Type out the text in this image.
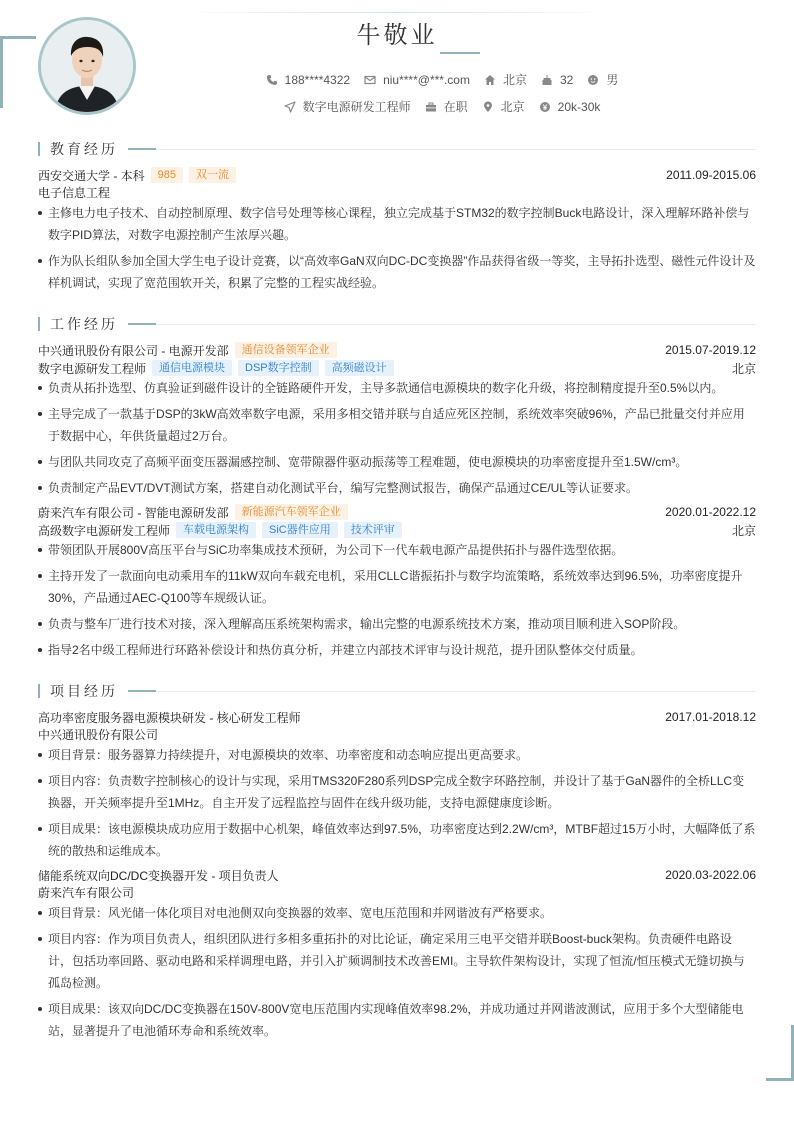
牛敬业
188****4322	niu****@***.com	北京	32	男
数字电源研发工程师	在职	北京	20k-30k
教育经历
西安交通大学 - 本科	985	双一流	2011.09-2015.06
电子信息工程
主修电力电子技术、自动控制原理、数字信号处理等核心课程，独立完成基于STM32的数字控制Buck电路设计，深入理解环路补偿与数字PID算法，对数字电源控制产生浓厚兴趣。
作为队长组队参加全国大学生电子设计竞赛，以“高效率GaN双向DC-DC变换器”作品获得省级一等奖，主导拓扑选型、磁性元件设计及样机调试，实现了宽范围软开关，积累了完整的工程实战经验。
工作经历
中兴通讯股份有限公司 - 电源开发部	通信设备领军企业	2015.07-2019.12
数字电源研发工程师	通信电源模块	DSP数字控制	高频磁设计	北京
负责从拓扑选型、仿真验证到磁件设计的全链路硬件开发，主导多款通信电源模块的数字化升级，将控制精度提升至0.5%以内。
主导完成了一款基于DSP的3kW高效率数字电源，采用多相交错并联与自适应死区控制，系统效率突破96%，产品已批量交付并应用于数据中心，年供货量超过2万台。
与团队共同攻克了高频平面变压器漏感控制、宽带隙器件驱动振荡等工程难题，使电源模块的功率密度提升至1.5W/cm³。
负责制定产品EVT/DVT测试方案，搭建自动化测试平台，编写完整测试报告，确保产品通过CE/UL等认证要求。
蔚来汽车有限公司 - 智能电源研发部	新能源汽车领军企业	2020.01-2022.12
高级数字电源研发工程师	车载电源架构	SiC器件应用	技术评审	北京
带领团队开展800V高压平台与SiC功率集成技术预研，为公司下一代车载电源产品提供拓扑与器件选型依据。
主持开发了一款面向电动乘用车的11kW双向车载充电机，采用CLLC谐振拓扑与数字均流策略，系统效率达到96.5%，功率密度提升30%，产品通过AEC-Q100等车规级认证。
负责与整车厂进行技术对接，深入理解高压系统架构需求，输出完整的电源系统技术方案，推动项目顺利进入SOP阶段。
指导2名中级工程师进行环路补偿设计和热仿真分析，并建立内部技术评审与设计规范，提升团队整体交付质量。
项目经历
高功率密度服务器电源模块研发 - 核心研发工程师	2017.01-2018.12
中兴通讯股份有限公司
项目背景：服务器算力持续提升，对电源模块的效率、功率密度和动态响应提出更高要求。
项目内容：负责数字控制核心的设计与实现，采用TMS320F280系列DSP完成全数字环路控制，并设计了基于GaN器件的全桥LLC变换器，开关频率提升至1MHz。自主开发了远程监控与固件在线升级功能，支持电源健康度诊断。
项目成果：该电源模块成功应用于数据中心机架，峰值效率达到97.5%，功率密度达到2.2W/cm³，MTBF超过15万小时，大幅降低了系统的散热和运维成本。
储能系统双向DC/DC变换器开发 - 项目负责人	2020.03-2022.06
蔚来汽车有限公司
项目背景：风光储一体化项目对电池侧双向变换器的效率、宽电压范围和并网谐波有严格要求。
项目内容：作为项目负责人，组织团队进行多相多重拓扑的对比论证，确定采用三电平交错并联Boost-buck架构。负责硬件电路设计，包括功率回路、驱动电路和采样调理电路，并引入扩频调制技术改善EMI。主导软件架构设计，实现了恒流/恒压模式无缝切换与孤岛检测。
项目成果：该双向DC/DC变换器在150V-800V宽电压范围内实现峰值效率98.2%，并成功通过并网谐波测试，应用于多个大型储能电站，显著提升了电池循环寿命和系统效率。
